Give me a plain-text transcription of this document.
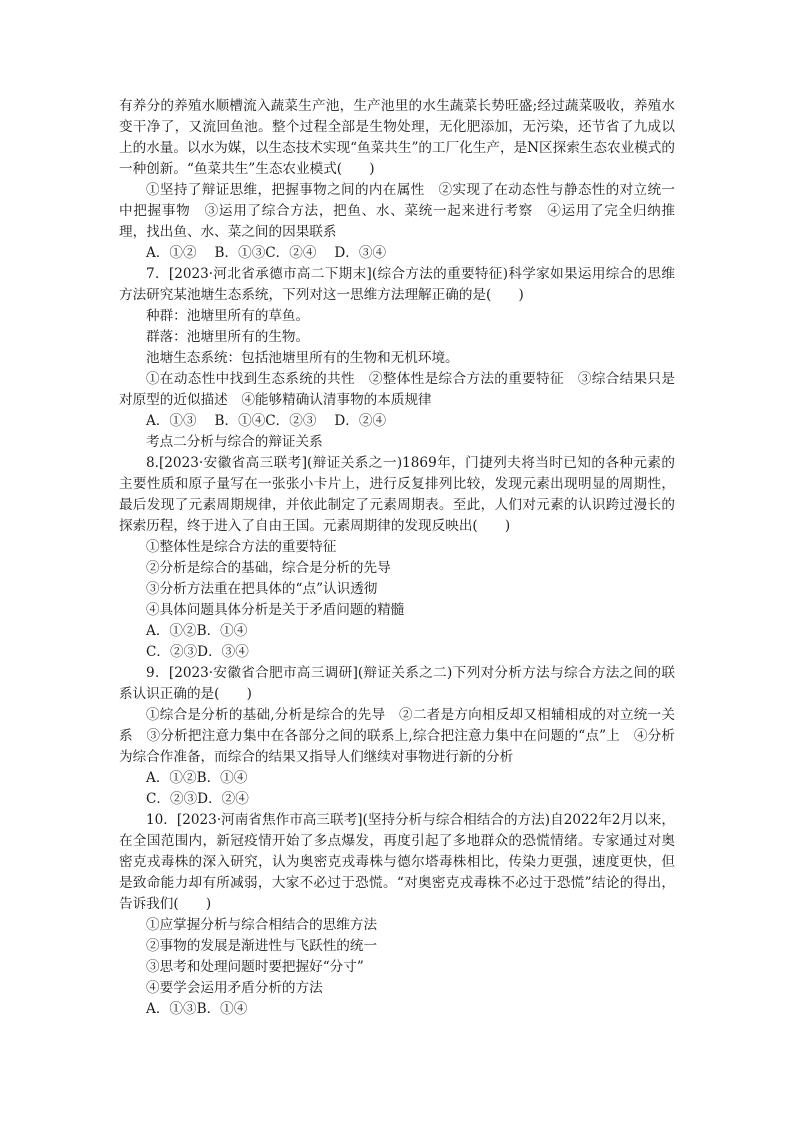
有养分的养殖水顺槽流入蔬菜生产池，生产池里的水生蔬菜长势旺盛;经过蔬菜吸收，养殖水变干净了，又流回鱼池。整个过程全部是生物处理，无化肥添加，无污染，还节省了九成以上的水量。以水为媒，以生态技术实现“鱼菜共生”的工厂化生产，是N区探索生态农业模式的一种创新。“鱼菜共生”生态农业模式(　　)

①坚持了辩证思维，把握事物之间的内在属性　②实现了在动态性与静态性的对立统一中把握事物　③运用了综合方法，把鱼、水、菜统一起来进行考察　④运用了完全归纳推理，找出鱼、水、菜之间的因果联系

A．①②　 B．①③C．②④　 D．③④

7．[2023·河北省承德市高二下期末](综合方法的重要特征)科学家如果运用综合的思维方法研究某池塘生态系统，下列对这一思维方法理解正确的是(　　)

种群：池塘里所有的草鱼。
群落：池塘里所有的生物。
池塘生态系统：包括池塘里所有的生物和无机环境。

①在动态性中找到生态系统的共性　②整体性是综合方法的重要特征　③综合结果只是对原型的近似描述　④能够精确认清事物的本质规律

A．①③　 B．①④C．②③　 D．②④
考点二分析与综合的辩证关系

8.[2023·安徽省高三联考](辩证关系之一)1869年，门捷列夫将当时已知的各种元素的主要性质和原子量写在一张张小卡片上，进行反复排列比较，发现元素出现明显的周期性，最后发现了元素周期规律，并依此制定了元素周期表。至此，人们对元素的认识跨过漫长的探索历程，终于进入了自由王国。元素周期律的发现反映出(　　)

①整体性是综合方法的重要特征
②分析是综合的基础，综合是分析的先导
③分析方法重在把具体的“点”认识透彻
④具体问题具体分析是关于矛盾问题的精髓
A．①②B．①④
C．②③D．③④

9．[2023·安徽省合肥市高三调研](辩证关系之二)下列对分析方法与综合方法之间的联系认识正确的是(　　)

①综合是分析的基础,分析是综合的先导　②二者是方向相反却又相辅相成的对立统一关系　③分析把注意力集中在各部分之间的联系上,综合把注意力集中在问题的“点”上　④分析为综合作准备，而综合的结果又指导人们继续对事物进行新的分析

A．①②B．①④
C．②③D．②④

10．[2023·河南省焦作市高三联考](坚持分析与综合相结合的方法)自2022年2月以来，在全国范围内，新冠疫情开始了多点爆发，再度引起了多地群众的恐慌情绪。专家通过对奥密克戎毒株的深入研究，认为奥密克戎毒株与德尔塔毒株相比，传染力更强，速度更快，但是致命能力却有所减弱，大家不必过于恐慌。“对奥密克戎毒株不必过于恐慌”结论的得出，告诉我们(　　)

①应掌握分析与综合相结合的思维方法
②事物的发展是渐进性与飞跃性的统一
③思考和处理问题时要把握好“分寸”
④要学会运用矛盾分析的方法
A．①③B．①④
